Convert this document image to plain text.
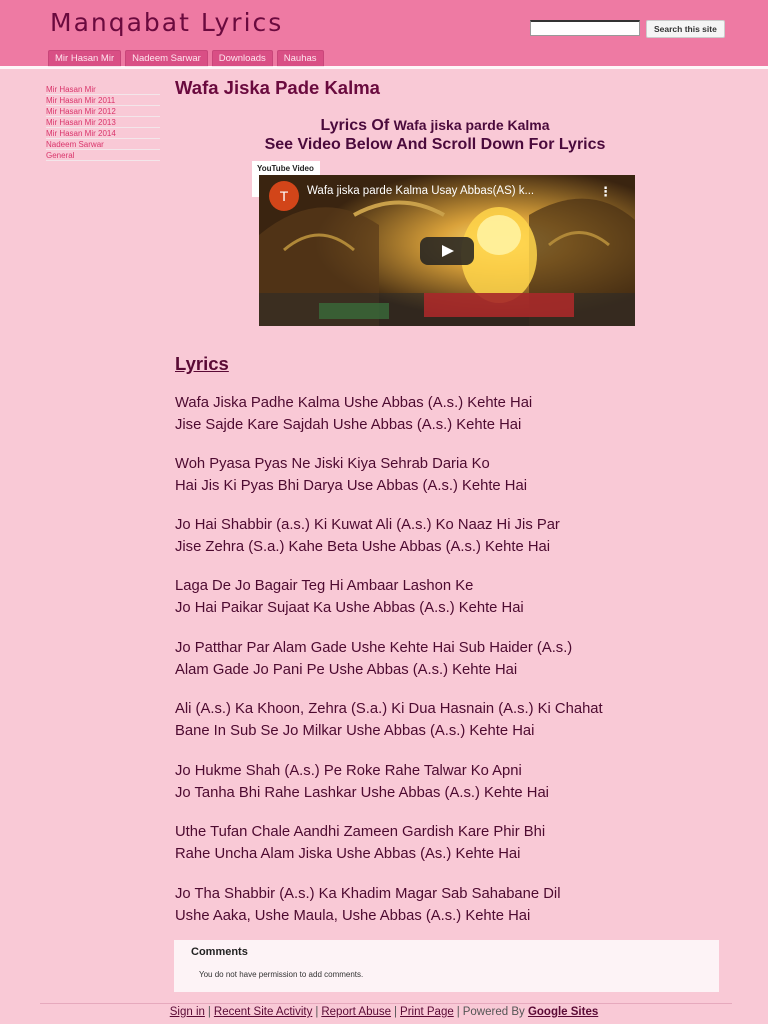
Manqabat Lyrics
Mir Hasan Mir	Nadeem Sarwar	Downloads	Nauhas
Search this site
Mir Hasan Mir
Mir Hasan Mir 2011
Mir Hasan Mir 2012
Mir Hasan Mir 2013
Mir Hasan Mir 2014
Nadeem Sarwar
General
Wafa Jiska Pade Kalma
Lyrics Of Wafa jiska parde Kalma
See Video Below And Scroll Down For Lyrics
YouTube Video
T	Wafa jiska parde Kalma Usay Abbas(AS) k...	⋮
Lyrics
Wafa Jiska Padhe Kalma Ushe Abbas (A.s.) Kehte Hai
Jise Sajde Kare Sajdah Ushe Abbas (A.s.) Kehte Hai
Woh Pyasa Pyas Ne Jiski Kiya Sehrab Daria Ko
Hai Jis Ki Pyas Bhi Darya Use Abbas (A.s.) Kehte Hai
Jo Hai Shabbir (a.s.) Ki Kuwat Ali (A.s.) Ko Naaz Hi Jis Par
Jise Zehra (S.a.) Kahe Beta Ushe Abbas (A.s.) Kehte Hai
Laga De Jo Bagair Teg Hi Ambaar Lashon Ke
Jo Hai Paikar Sujaat Ka Ushe Abbas (A.s.) Kehte Hai
Jo Patthar Par Alam Gade Ushe Kehte Hai Sub Haider (A.s.)
Alam Gade Jo Pani Pe Ushe Abbas (A.s.) Kehte Hai
Ali (A.s.) Ka Khoon, Zehra (S.a.) Ki Dua Hasnain (A.s.) Ki Chahat
Bane In Sub Se Jo Milkar Ushe Abbas (A.s.) Kehte Hai
Jo Hukme Shah (A.s.) Pe Roke Rahe Talwar Ko Apni
Jo Tanha Bhi Rahe Lashkar Ushe Abbas (A.s.) Kehte Hai
Uthe Tufan Chale Aandhi Zameen Gardish Kare Phir Bhi
Rahe Uncha Alam Jiska Ushe Abbas (As.) Kehte Hai
Jo Tha Shabbir (A.s.) Ka Khadim Magar Sab Sahabane Dil
Ushe Aaka, Ushe Maula, Ushe Abbas (A.s.) Kehte Hai
Comments
You do not have permission to add comments.
Sign in | Recent Site Activity | Report Abuse | Print Page | Powered By Google Sites
